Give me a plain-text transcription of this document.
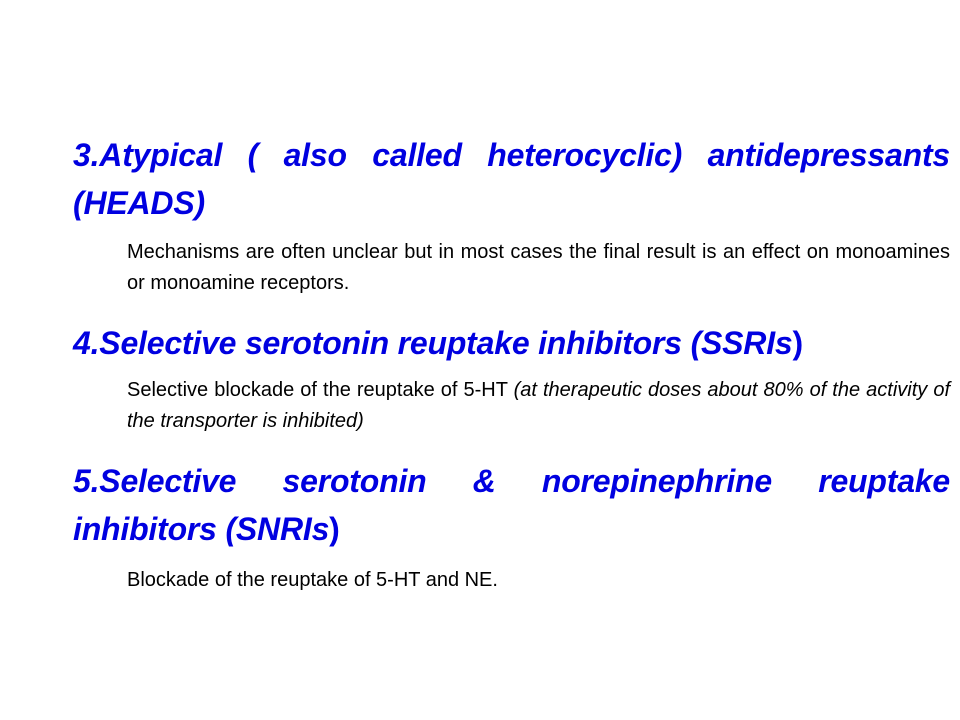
3.Atypical ( also called heterocyclic) antidepressants (HEADS)

Mechanisms are often unclear but in most cases the final result is an effect on monoamines or monoamine receptors.

4.Selective serotonin reuptake inhibitors (SSRIs)

Selective blockade of the reuptake of 5-HT (at therapeutic doses about 80% of the activity of the transporter is inhibited)

5.Selective serotonin & norepinephrine reuptake inhibitors (SNRIs)

Blockade of the reuptake of 5-HT and NE.
